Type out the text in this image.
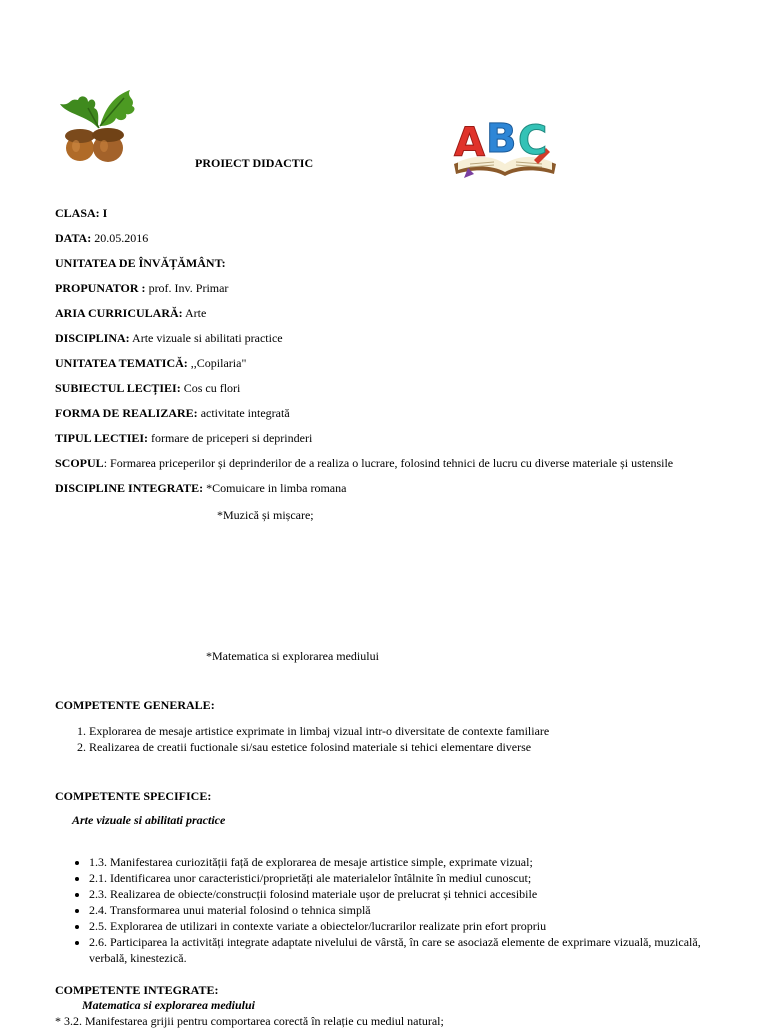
A B C
PROIECT DIDACTIC
CLASA: I
DATA: 20.05.2016
UNITATEA DE ÎNVĂȚĂMÂNT:
PROPUNATOR : prof. Inv. Primar
ARIA CURRICULARĂ: Arte
DISCIPLINA: Arte vizuale si abilitati practice
UNITATEA TEMATICĂ: ,,Copilaria"
SUBIECTUL LECȚIEI: Cos cu flori
FORMA DE REALIZARE: activitate integrată
TIPUL LECTIEI: formare de priceperi si deprinderi
SCOPUL: Formarea priceperilor și deprinderilor de a realiza o lucrare, folosind tehnici de lucru cu diverse materiale și ustensile
DISCIPLINE INTEGRATE: *Comuicare in limba romana
*Muzică și mișcare;
*Matematica si explorarea mediului
COMPETENTE GENERALE:
1. Explorarea de mesaje artistice exprimate in limbaj vizual intr-o diversitate de contexte familiare
2. Realizarea de creatii fuctionale si/sau estetice folosind materiale si tehici elementare diverse
COMPETENTE SPECIFICE:
Arte vizuale si abilitati practice
• 1.3. Manifestarea curiozității față de explorarea de mesaje artistice simple, exprimate vizual;
• 2.1. Identificarea unor caracteristici/proprietăți ale materialelor întâlnite în mediul cunoscut;
• 2.3. Realizarea de obiecte/construcții folosind materiale ușor de prelucrat și tehnici accesibile
• 2.4. Transformarea unui material folosind o tehnica simplă
• 2.5. Explorarea de utilizari in contexte variate a obiectelor/lucrarilor realizate prin efort propriu
• 2.6. Participarea la activități integrate adaptate nivelului de vârstă, în care se asociază elemente de exprimare vizuală, muzicală, verbală, kinestezică.
COMPETENTE INTEGRATE:
Matematica si explorarea mediului
* 3.2. Manifestarea grijii pentru comportarea corectă în relație cu mediul natural;
